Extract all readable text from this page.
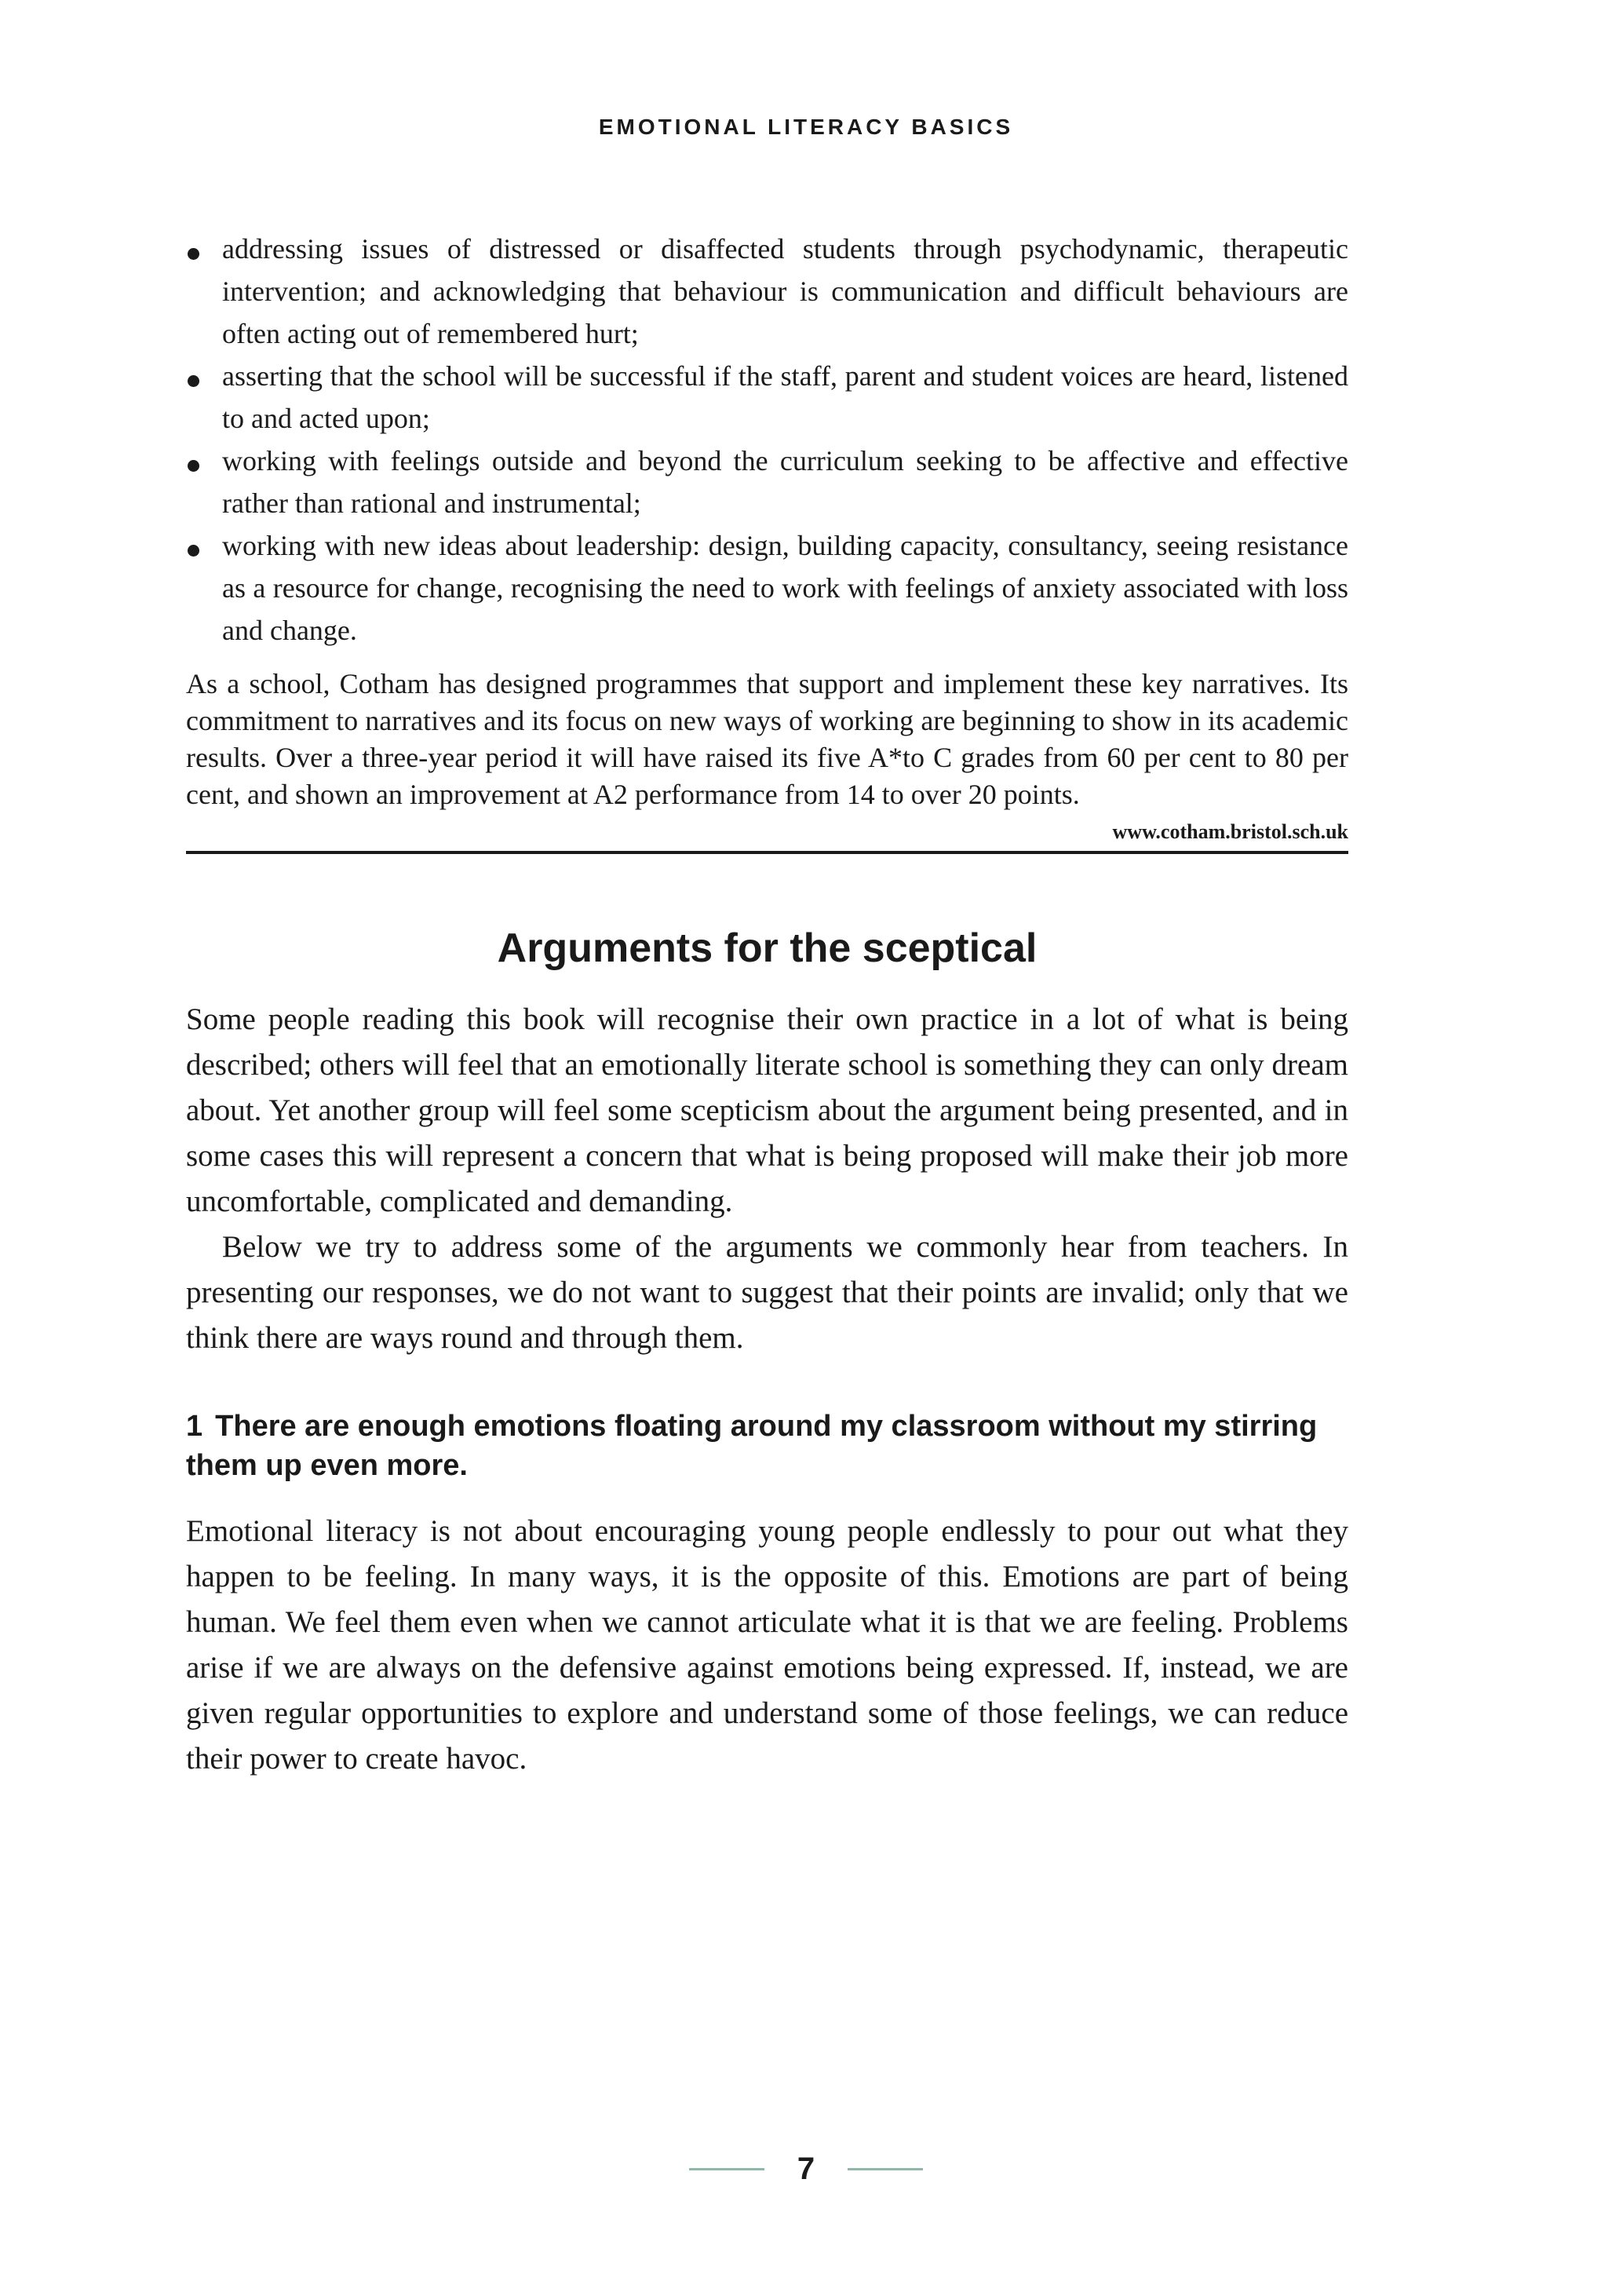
EMOTIONAL LITERACY BASICS
addressing issues of distressed or disaffected students through psychodynamic, therapeutic intervention; and acknowledging that behaviour is communication and difficult behaviours are often acting out of remembered hurt;
asserting that the school will be successful if the staff, parent and student voices are heard, listened to and acted upon;
working with feelings outside and beyond the curriculum seeking to be affective and effective rather than rational and instrumental;
working with new ideas about leadership: design, building capacity, consultancy, seeing resistance as a resource for change, recognising the need to work with feelings of anxiety associated with loss and change.

As a school, Cotham has designed programmes that support and implement these key narratives. Its commitment to narratives and its focus on new ways of working are beginning to show in its academic results. Over a three-year period it will have raised its five A*to C grades from 60 per cent to 80 per cent, and shown an improvement at A2 performance from 14 to over 20 points.

www.cotham.bristol.sch.uk
Arguments for the sceptical

Some people reading this book will recognise their own practice in a lot of what is being described; others will feel that an emotionally literate school is something they can only dream about. Yet another group will feel some scepticism about the argument being presented, and in some cases this will represent a concern that what is being proposed will make their job more uncomfortable, complicated and demanding.

Below we try to address some of the arguments we commonly hear from teachers. In presenting our responses, we do not want to suggest that their points are invalid; only that we think there are ways round and through them.

1 There are enough emotions floating around my classroom without my stirring them up even more.

Emotional literacy is not about encouraging young people endlessly to pour out what they happen to be feeling. In many ways, it is the opposite of this. Emotions are part of being human. We feel them even when we cannot articulate what it is that we are feeling. Problems arise if we are always on the defensive against emotions being expressed. If, instead, we are given regular opportunities to explore and understand some of those feelings, we can reduce their power to create havoc.

7
